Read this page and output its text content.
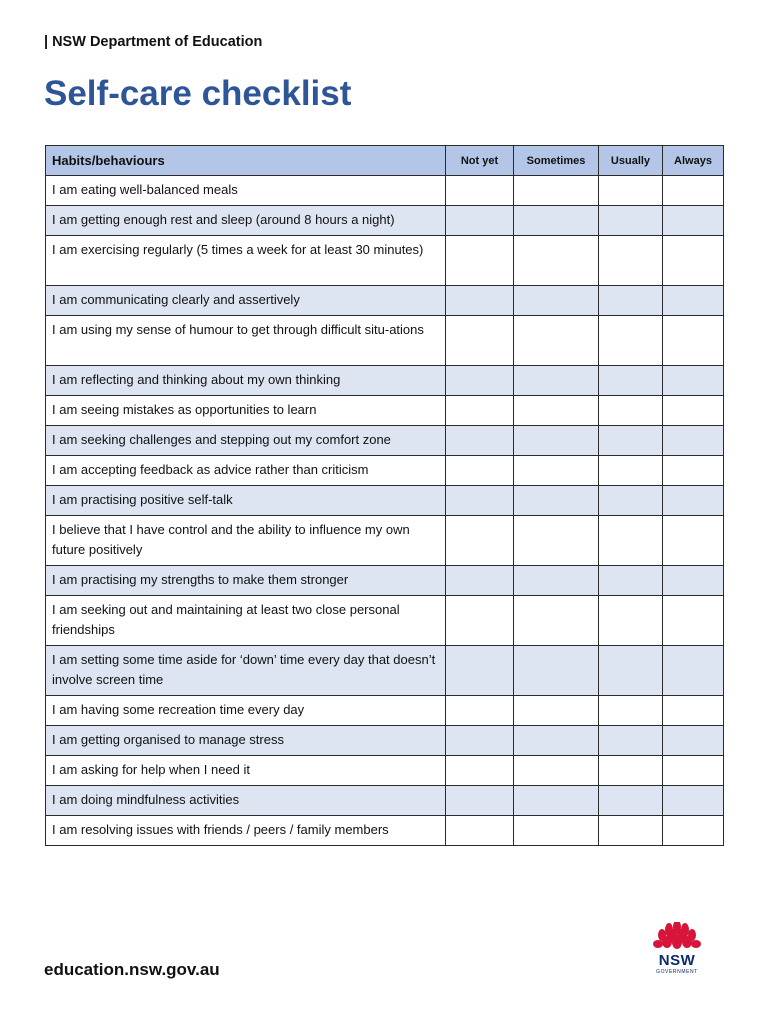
| NSW Department of Education
Self-care checklist
Habits/behaviours	Not yet	Sometimes	Usually	Always
I am eating well-balanced meals				
I am getting enough rest and sleep (around 8 hours a night)				
I am exercising regularly (5 times a week for at least 30 minutes)				
I am communicating clearly and assertively				
I am using my sense of humour to get through difficult situ-ations				
I am reflecting and thinking about my own thinking				
I am seeing mistakes as opportunities to learn				
I am seeking challenges and stepping out my comfort zone				
I am accepting feedback as advice rather than criticism				
I am practising positive self-talk				
I believe that I have control and the ability to influence my own future positively				
I am practising my strengths to make them stronger				
I am seeking out and maintaining at least two close personal friendships				
I am setting some time aside for ‘down’ time every day that doesn’t involve screen time				
I am having some recreation time every day				
I am getting organised to manage stress				
I am asking for help when I need it				
I am doing mindfulness activities				
I am resolving issues with friends / peers / family members				
education.nsw.gov.au	NSW
GOVERNMENT
